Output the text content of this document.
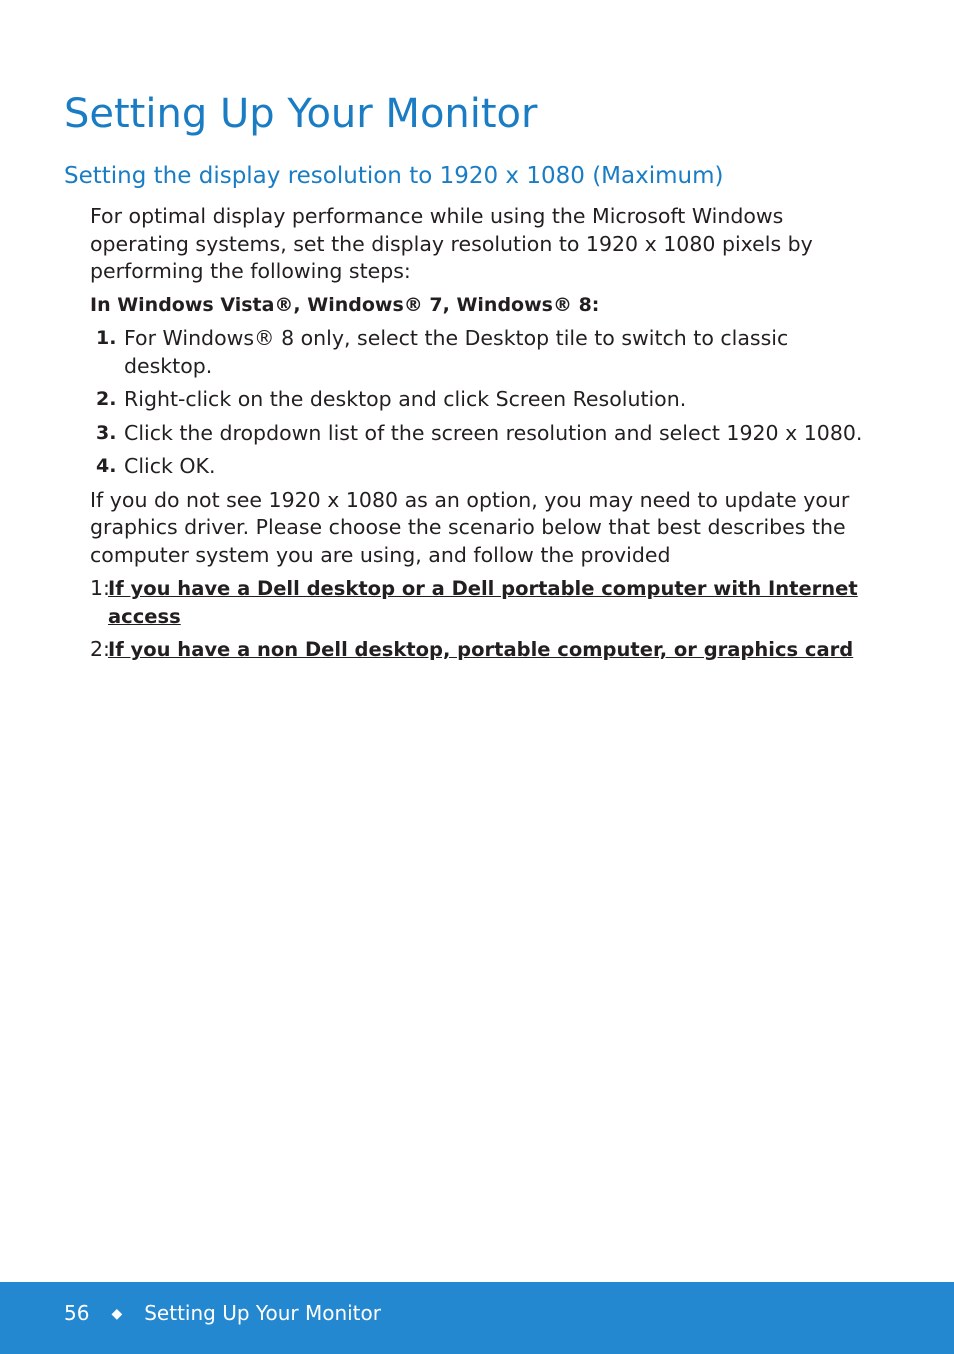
Setting Up Your Monitor
Setting the display resolution to 1920 x 1080 (Maximum)

For optimal display performance while using the Microsoft Windows operating systems, set the display resolution to 1920 x 1080 pixels by performing the following steps:

In Windows Vista®, Windows® 7, Windows® 8:

1. For Windows® 8 only, select the Desktop tile to switch to classic desktop.
2. Right-click on the desktop and click Screen Resolution.
3. Click the dropdown list of the screen resolution and select 1920 x 1080.
4. Click OK.

If you do not see 1920 x 1080 as an option, you may need to update your graphics driver. Please choose the scenario below that best describes the computer system you are using, and follow the provided

1:
If you have a Dell desktop or a Dell portable computer with Internet access
2:
If you have a non Dell desktop, portable computer, or graphics card
56 ◆ Setting Up Your Monitor
